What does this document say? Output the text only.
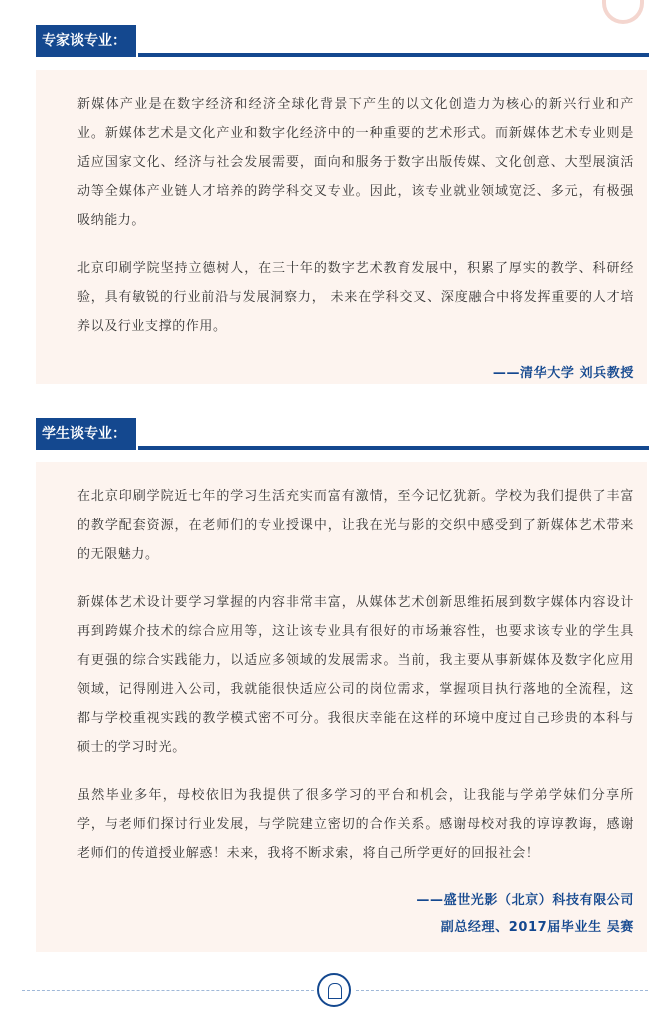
专家谈专业：

新媒体产业是在数字经济和经济全球化背景下产生的以文化创造力为核心的新兴行业和产业。新媒体艺术是文化产业和数字化经济中的一种重要的艺术形式。而新媒体艺术专业则是适应国家文化、经济与社会发展需要，面向和服务于数字出版传媒、文化创意、大型展演活动等全媒体产业链人才培养的跨学科交叉专业。因此，该专业就业领域宽泛、多元，有极强吸纳能力。

北京印刷学院坚持立德树人，在三十年的数字艺术教育发展中，积累了厚实的教学、科研经验，具有敏锐的行业前沿与发展洞察力， 未来在学科交叉、深度融合中将发挥重要的人才培养以及行业支撑的作用。

——清华大学 刘兵教授

学生谈专业：

在北京印刷学院近七年的学习生活充实而富有激情，至今记忆犹新。学校为我们提供了丰富的教学配套资源，在老师们的专业授课中，让我在光与影的交织中感受到了新媒体艺术带来的无限魅力。

新媒体艺术设计要学习掌握的内容非常丰富，从媒体艺术创新思维拓展到数字媒体内容设计再到跨媒介技术的综合应用等，这让该专业具有很好的市场兼容性，也要求该专业的学生具有更强的综合实践能力，以适应多领域的发展需求。当前，我主要从事新媒体及数字化应用领域，记得刚进入公司，我就能很快适应公司的岗位需求，掌握项目执行落地的全流程，这都与学校重视实践的教学模式密不可分。我很庆幸能在这样的环境中度过自己珍贵的本科与硕士的学习时光。

虽然毕业多年，母校依旧为我提供了很多学习的平台和机会，让我能与学弟学妹们分享所学，与老师们探讨行业发展，与学院建立密切的合作关系。感谢母校对我的谆谆教诲，感谢老师们的传道授业解惑！未来，我将不断求索，将自己所学更好的回报社会！

——盛世光影（北京）科技有限公司

副总经理、2017届毕业生 吴赛
